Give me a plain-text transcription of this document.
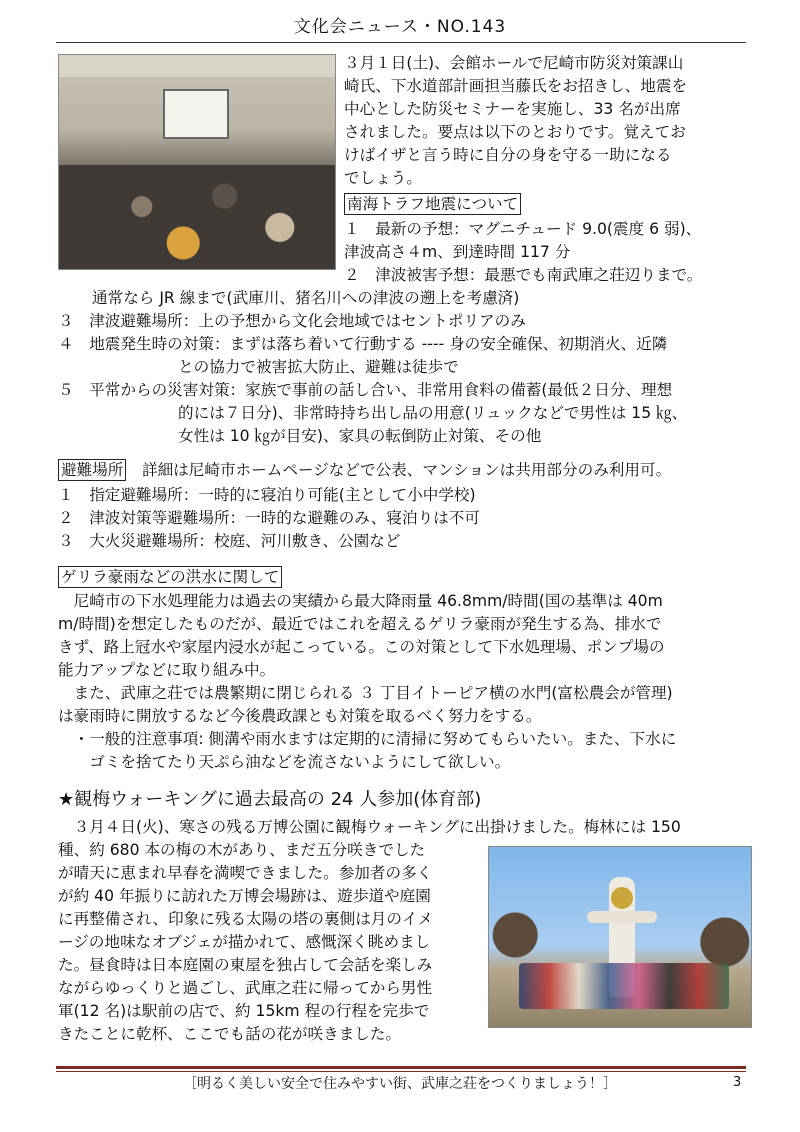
文化会ニュース・NO.143
３月１日(土)、会館ホールで尼崎市防災対策課山
崎氏、下水道部計画担当藤氏をお招きし、地震を
中心とした防災セミナーを実施し、33 名が出席
されました。要点は以下のとおりです。覚えてお
けばイザと言う時に自分の身を守る一助になる
でしょう。
南海トラフ地震について
１　最新の予想：マグニチュード 9.0(震度 6 弱)、
津波高さ４m、到達時間 117 分
２　津波被害予想：最悪でも南武庫之荘辺りまで。
通常なら JR 線まで(武庫川、猪名川への津波の遡上を考慮済)
３　津波避難場所：上の予想から文化会地域ではセントポリアのみ
４　地震発生時の対策：まずは落ち着いて行動する ---- 身の安全確保、初期消火、近隣
との協力で被害拡大防止、避難は徒歩で
５　平常からの災害対策：家族で事前の話し合い、非常用食料の備蓄(最低２日分、理想
的には７日分)、非常時持ち出し品の用意(リュックなどで男性は 15 ㎏、
女性は 10 ㎏が目安)、家具の転倒防止対策、その他
避難場所　詳細は尼崎市ホームページなどで公表、マンションは共用部分のみ利用可。
１　指定避難場所：一時的に寝泊り可能(主として小中学校)
２　津波対策等避難場所：一時的な避難のみ、寝泊りは不可
３　大火災避難場所：校庭、河川敷き、公園など
ゲリラ豪雨などの洪水に関して
　尼崎市の下水処理能力は過去の実績から最大降雨量 46.8mm/時間(国の基準は 40m
m/時間)を想定したものだが、最近ではこれを超えるゲリラ豪雨が発生する為、排水で
きず、路上冠水や家屋内浸水が起こっている。この対策として下水処理場、ポンプ場の
能力アップなどに取り組み中。
　また、武庫之荘では農繁期に閉じられる ３ 丁目イトーピア横の水門(富松農会が管理)
は豪雨時に開放するなど今後農政課とも対策を取るべく努力をする。
　・一般的注意事項: 側溝や雨水ますは定期的に清掃に努めてもらいたい。また、下水に
　　ゴミを捨てたり天ぷら油などを流さないようにして欲しい。
★観梅ウォーキングに過去最高の 24 人参加(体育部)
　３月４日(火)、寒さの残る万博公園に観梅ウォーキングに出掛けました。梅林には 150
種、約 680 本の梅の木があり、まだ五分咲きでした
が晴天に恵まれ早春を満喫できました。参加者の多く
が約 40 年振りに訪れた万博会場跡は、遊歩道や庭園
に再整備され、印象に残る太陽の塔の裏側は月のイメ
ージの地味なオブジェが描かれて、感慨深く眺めまし
た。昼食時は日本庭園の東屋を独占して会話を楽しみ
ながらゆっくりと過ごし、武庫之荘に帰ってから男性
軍(12 名)は駅前の店で、約 15km 程の行程を完歩で
きたことに乾杯、ここでも話の花が咲きました。
［明るく美しい安全で住みやすい街、武庫之荘をつくりましょう！］	3
